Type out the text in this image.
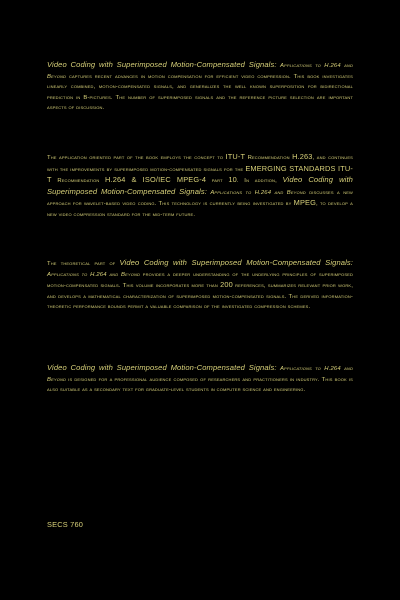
Video Coding with Superimposed Motion-Compensated Signals: Applications to H.264 and Beyond captures recent advances in motion compensation for efficient video compression. This book investigates linearly combined, motion-compensated signals, and generalizes the well known superposition for bidirectional prediction in B-pictures. The number of superimposed signals and the reference picture selection are important aspects of discussion.

The application oriented part of the book employs the concept to ITU-T Recommendation H.263, and continues with the improvements by superimposed motion-compensated signals for the EMERGING STANDARDS ITU-T Recommendation H.264 & ISO/IEC MPEG-4 part 10. In addition, Video Coding with Superimposed Motion-Compensated Signals: Applications to H.264 and Beyond discusses a new approach for wavelet-based video coding. This technology is currently being investigated by MPEG, to develop a new video compression standard for the mid-term future.

The theoretical part of Video Coding with Superimposed Motion-Compensated Signals: Applications to H.264 and Beyond provides a deeper understanding of the underlying principles of superimposed motion-compensated signals. This volume incorporates more than 200 references, summarizes relevant prior work, and develops a mathematical characterization of superimposed motion-compensated signals. The derived information-theoretic performance bounds permit a valuable comparison of the investigated compression schemes.

Video Coding with Superimposed Motion-Compensated Signals: Applications to H.264 and Beyond is designed for a professional audience composed of researchers and practitioners in industry. This book is also suitable as a secondary text for graduate-level students in computer science and engineering.

SECS 760
